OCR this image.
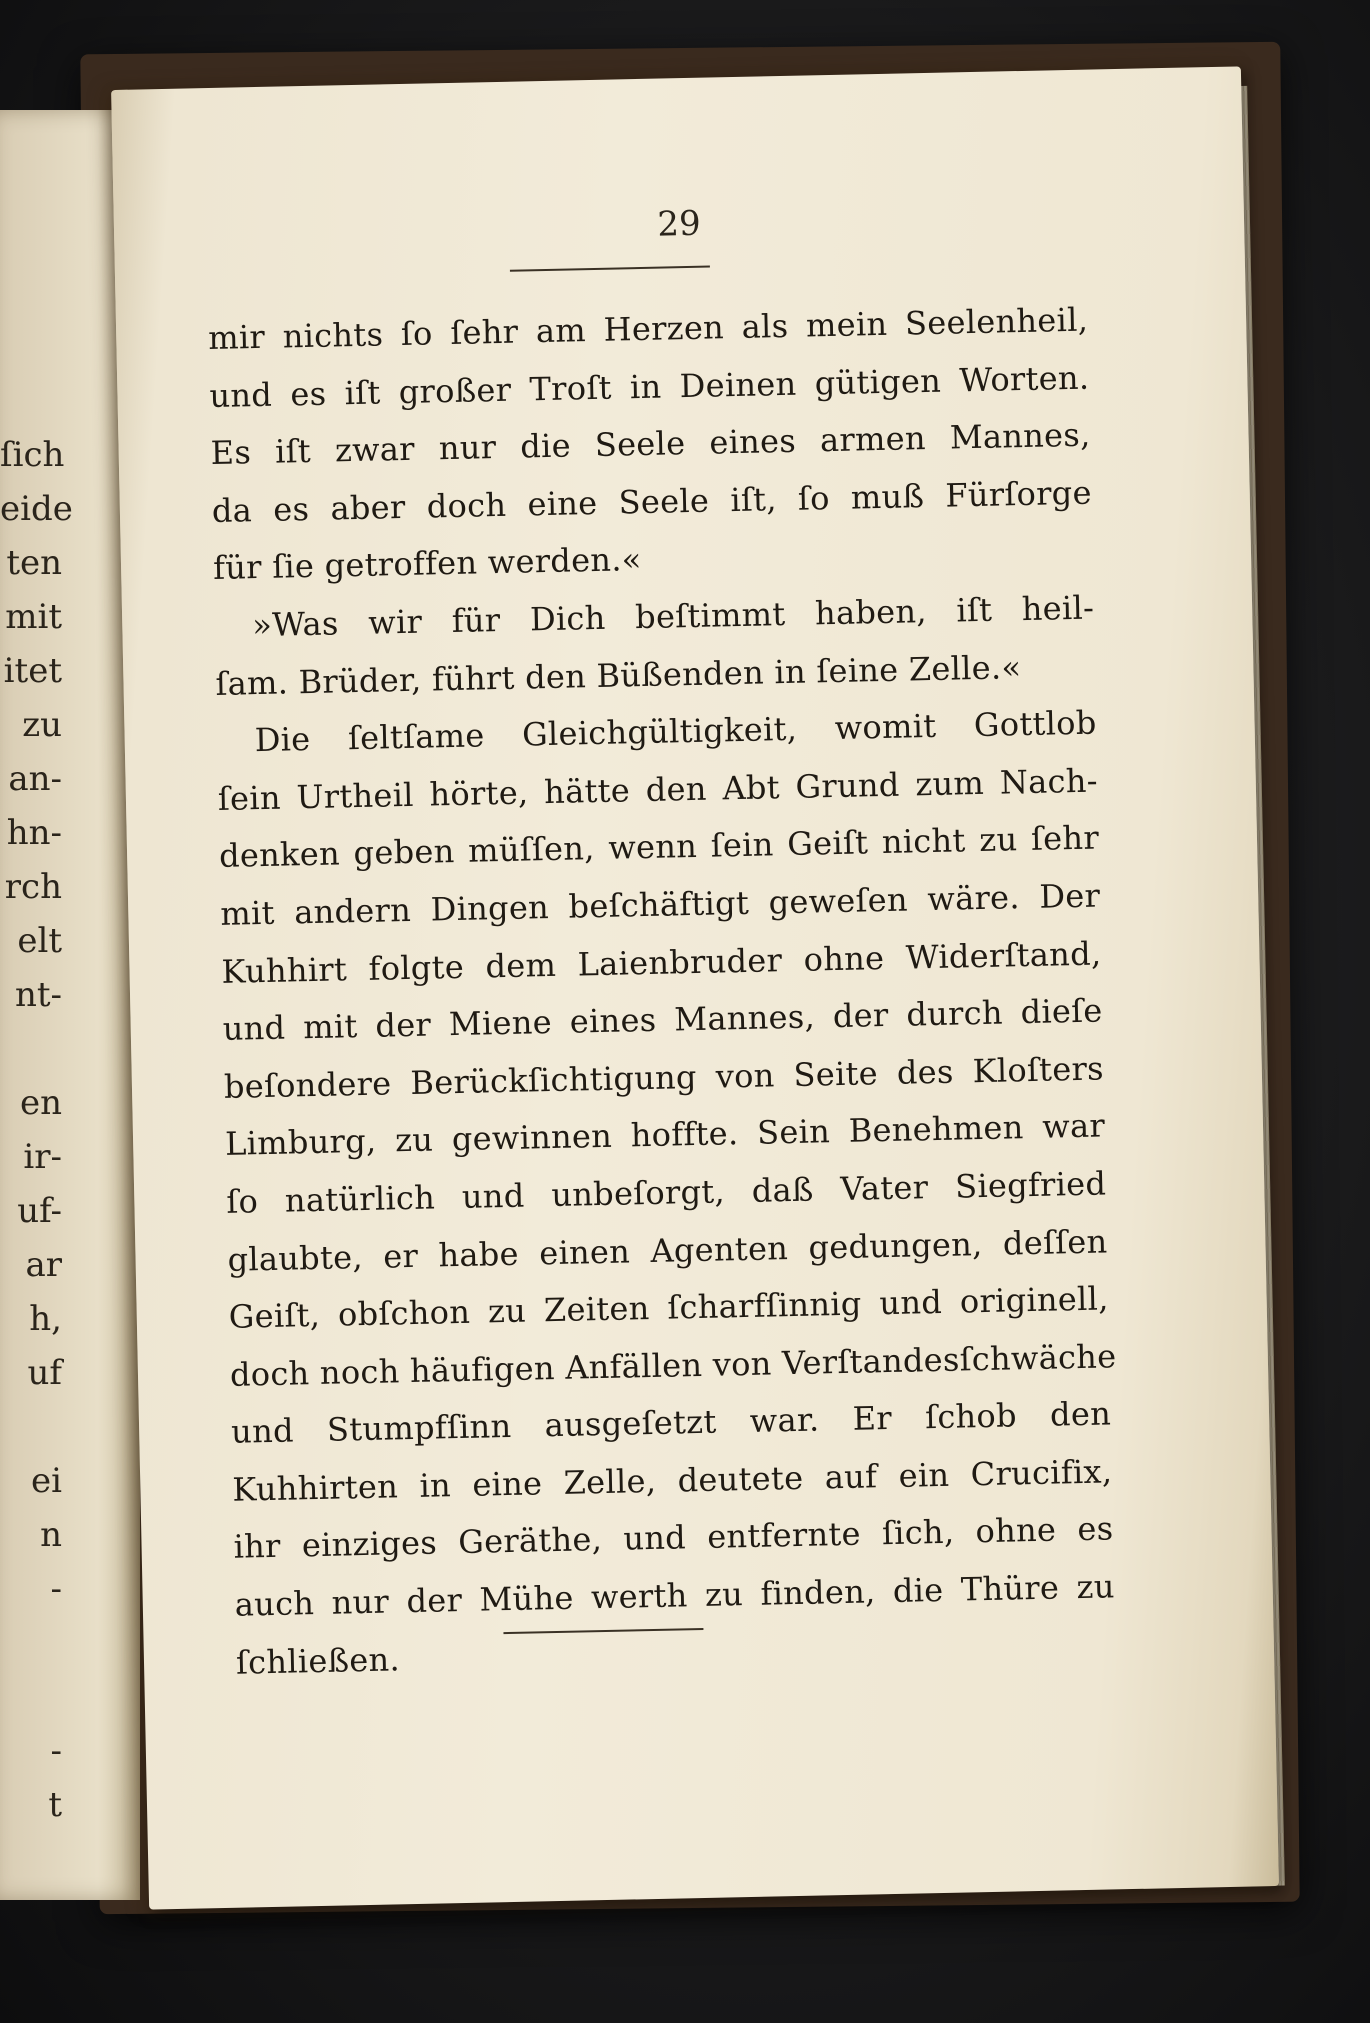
ſich
eide
ten
mit
itet
zu
an-
hn-
rch
elt
nt-
en
ir-
uf-
ar
h,
uf
ei
n
-
-
t
29
mir nichts ſo ſehr am Herzen als mein Seelenheil,
und es iſt großer Troſt in Deinen gütigen Worten.
Es iſt zwar nur die Seele eines armen Mannes,
da es aber doch eine Seele iſt, ſo muß Fürſorge
für ſie getroffen werden.«
»Was wir für Dich beſtimmt haben, iſt heil-
ſam. Brüder, führt den Büßenden in ſeine Zelle.«
Die ſeltſame Gleichgültigkeit, womit Gottlob
ſein Urtheil hörte, hätte den Abt Grund zum Nach-
denken geben müſſen, wenn ſein Geiſt nicht zu ſehr
mit andern Dingen beſchäftigt geweſen wäre. Der
Kuhhirt folgte dem Laienbruder ohne Widerſtand,
und mit der Miene eines Mannes, der durch dieſe
beſondere Berückſichtigung von Seite des Kloſters
Limburg, zu gewinnen hoffte. Sein Benehmen war
ſo natürlich und unbeſorgt, daß Vater Siegfried
glaubte, er habe einen Agenten gedungen, deſſen
Geiſt, obſchon zu Zeiten ſcharfſinnig und originell,
doch noch häufigen Anfällen von Verſtandesſchwäche
und Stumpfſinn ausgeſetzt war. Er ſchob den
Kuhhirten in eine Zelle, deutete auf ein Crucifix,
ihr einziges Geräthe, und entfernte ſich, ohne es
auch nur der Mühe werth zu finden, die Thüre zu
ſchließen.
